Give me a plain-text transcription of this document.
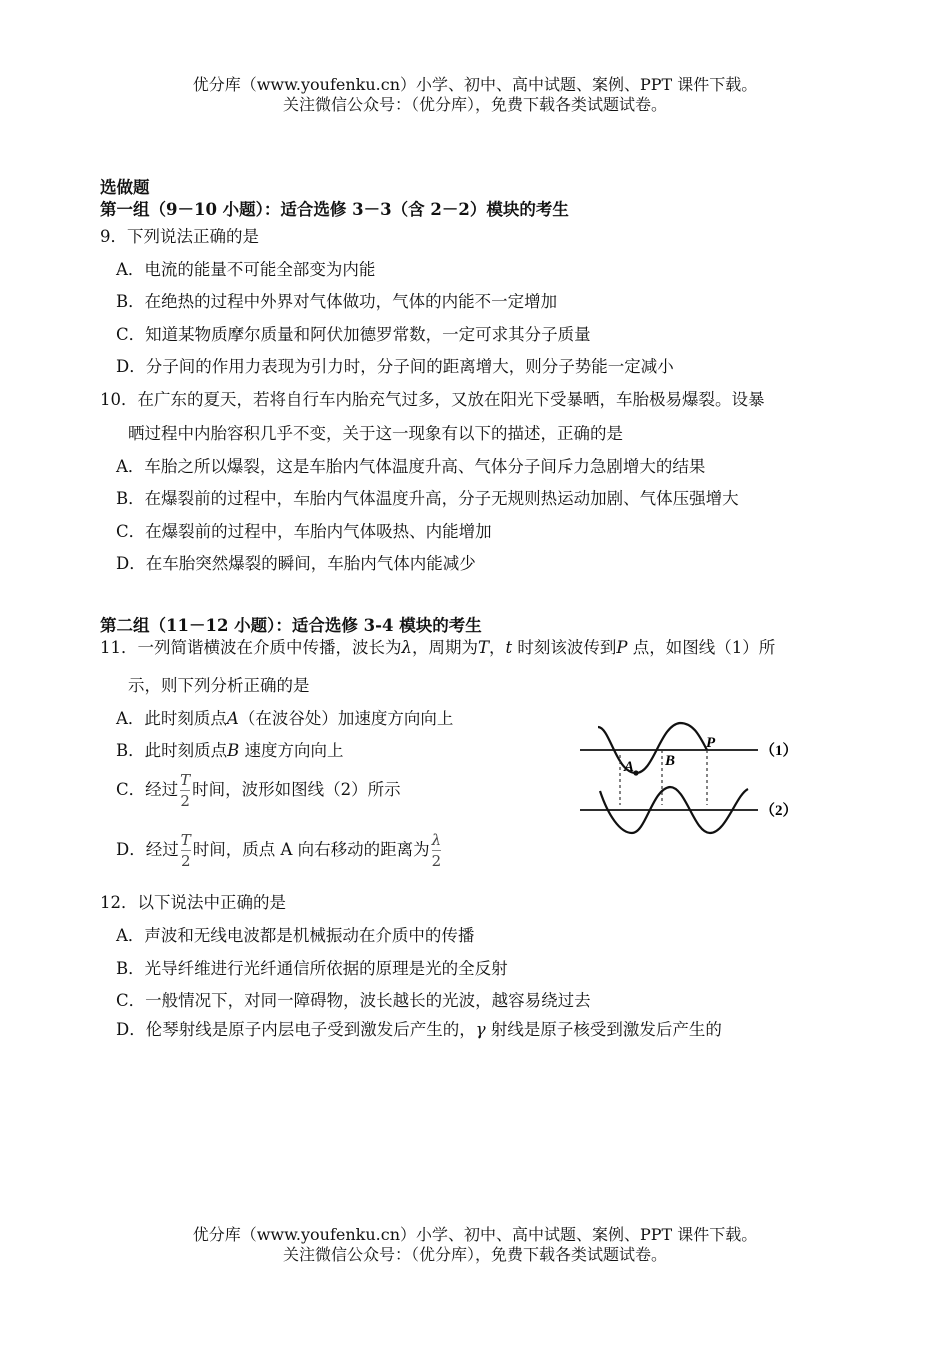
优分库（www.youfenku.cn）小学、初中、高中试题、案例、PPT 课件下载。
关注微信公众号：（优分库），免费下载各类试题试卷。
选做题
第一组（9－10 小题）：适合选修 3－3（含 2－2）模块的考生
9．下列说法正确的是
A．电流的能量不可能全部变为内能
B．在绝热的过程中外界对气体做功，气体的内能不一定增加
C．知道某物质摩尔质量和阿伏加德罗常数，一定可求其分子质量
D．分子间的作用力表现为引力时，分子间的距离增大，则分子势能一定减小
10．在广东的夏天，若将自行车内胎充气过多，又放在阳光下受暴晒，车胎极易爆裂。设暴
晒过程中内胎容积几乎不变，关于这一现象有以下的描述，正确的是
A．车胎之所以爆裂，这是车胎内气体温度升高、气体分子间斥力急剧增大的结果
B．在爆裂前的过程中，车胎内气体温度升高，分子无规则热运动加剧、气体压强增大
C．在爆裂前的过程中，车胎内气体吸热、内能增加
D．在车胎突然爆裂的瞬间，车胎内气体内能减少
第二组（11－12 小题）：适合选修 3-4 模块的考生
11．一列简谐横波在介质中传播，波长为λ，周期为T，t 时刻该波传到P 点，如图线（1）所
示，则下列分析正确的是
A．此时刻质点A（在波谷处）加速度方向向上
B．此时刻质点B 速度方向向上
C．经过 $\frac{T}{2}$ 时间，波形如图线（2）所示
D．经过 $\frac{T}{2}$ 时间，质点 A 向右移动的距离为 $\frac{\lambda}{2}$
A B
P	（1）
（2）
12．以下说法中正确的是
A．声波和无线电波都是机械振动在介质中的传播
B．光导纤维进行光纤通信所依据的原理是光的全反射
C．一般情况下，对同一障碍物，波长越长的光波，越容易绕过去
D．伦琴射线是原子内层电子受到激发后产生的，γ 射线是原子核受到激发后产生的
优分库（www.youfenku.cn）小学、初中、高中试题、案例、PPT 课件下载。
关注微信公众号：（优分库），免费下载各类试题试卷。
